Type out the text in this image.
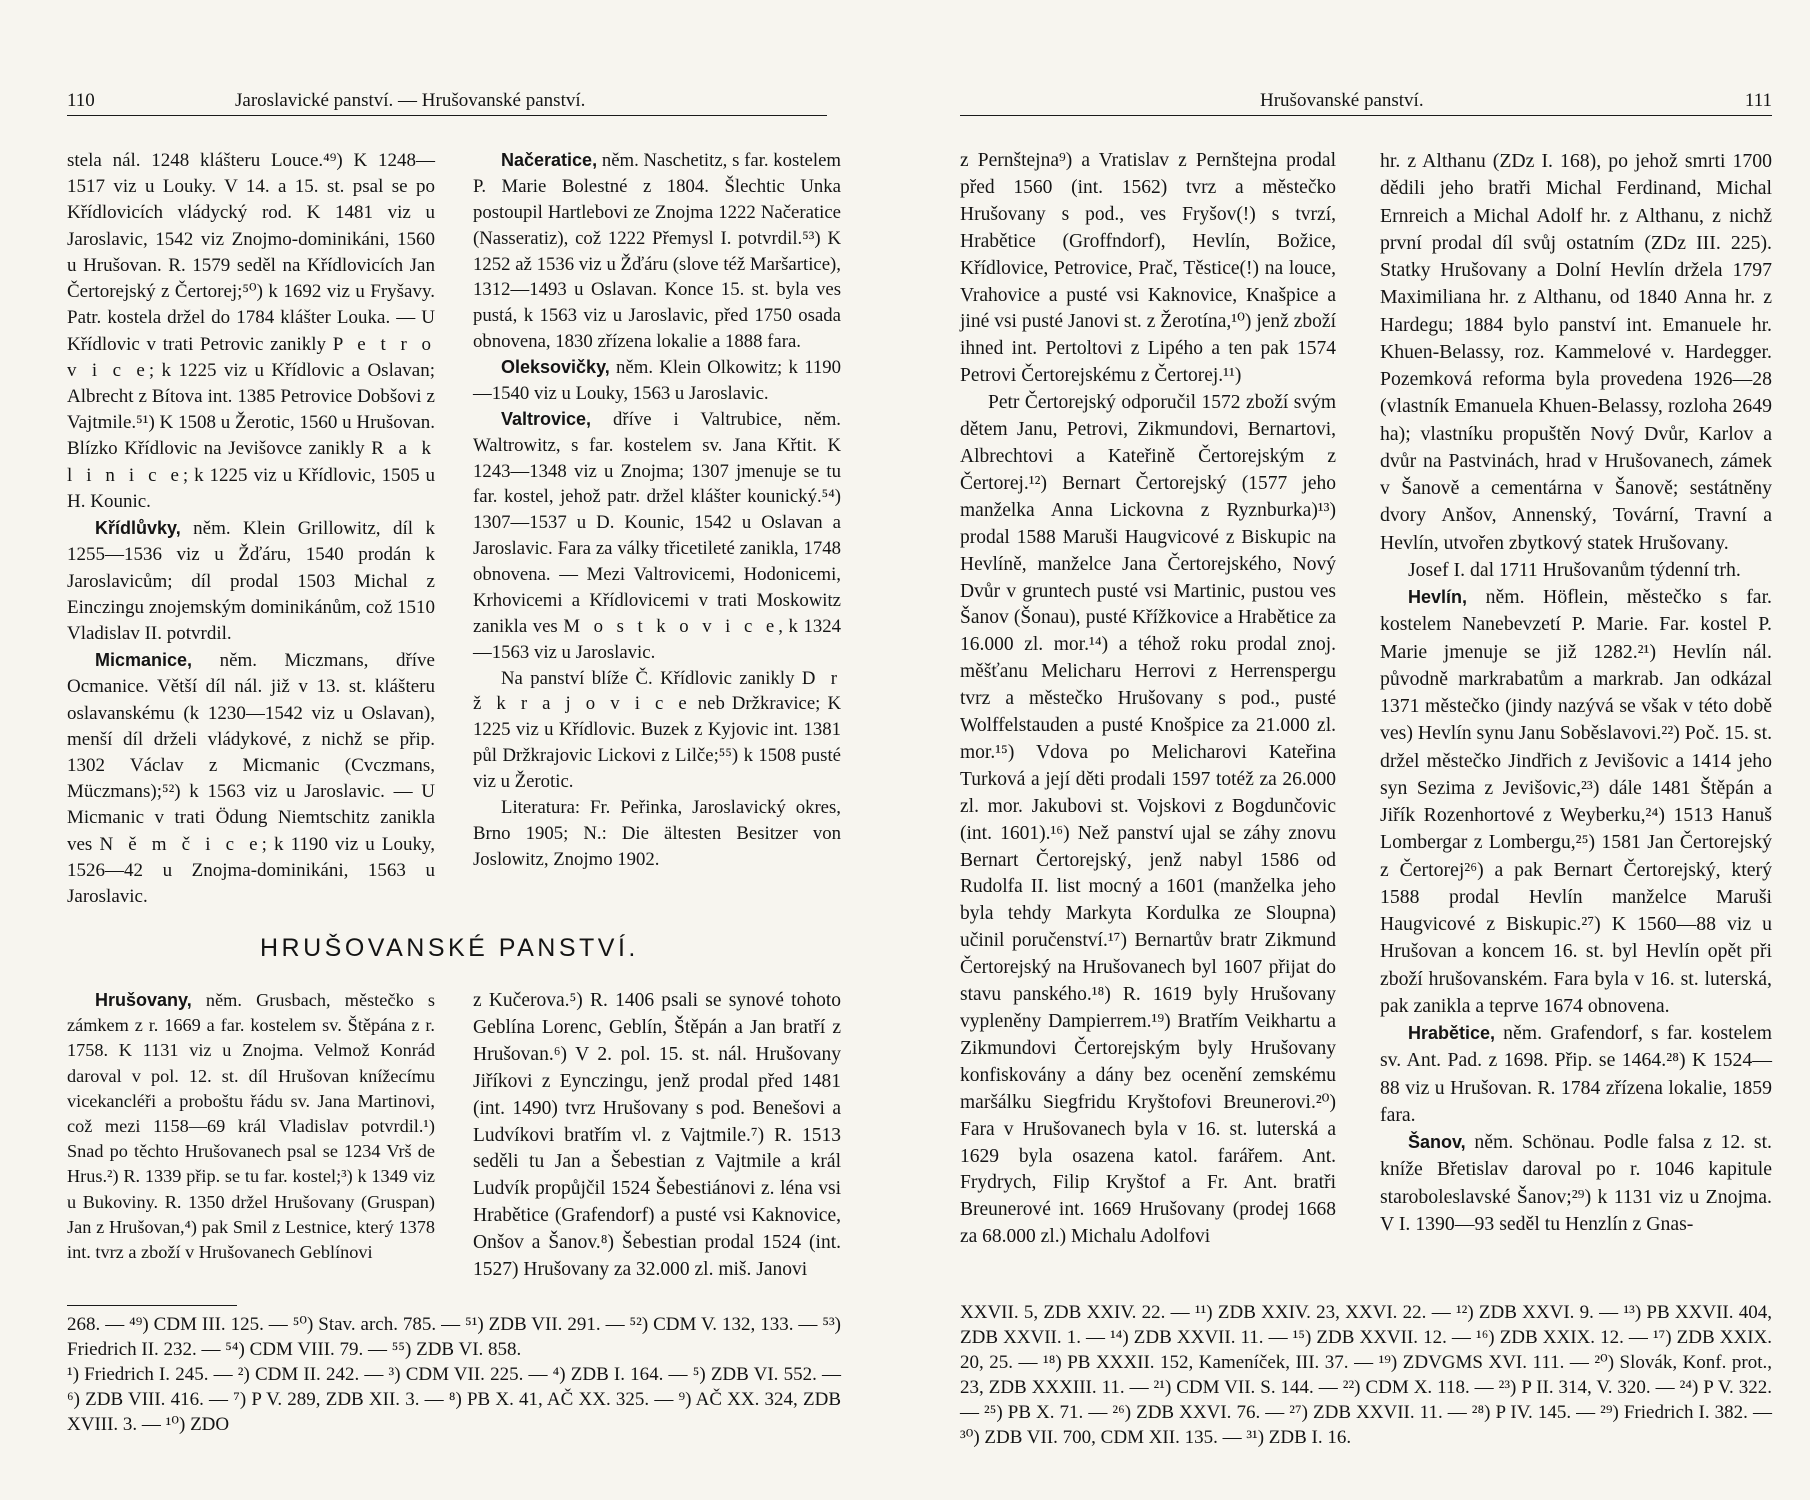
110	Jaroslavické panství. — Hrušovanské panství.

stela nál. 1248 klášteru Louce.⁴⁹) K 1248—1517 viz u Louky. V 14. a 15. st. psal se po Křídlovicích vládycký rod. K 1481 viz u Jaroslavic, 1542 viz Znojmo-dominikáni, 1560 u Hrušovan. R. 1579 seděl na Křídlovicích Jan Čertorejský z Čertorej;⁵⁰) k 1692 viz u Fryšavy. Patr. kostela držel do 1784 klášter Louka. — U Křídlovic v trati Petrovic zanikly P e t r o v i c e; k 1225 viz u Křídlovic a Oslavan; Albrecht z Bítova int. 1385 Petrovice Dobšovi z Vajtmile.⁵¹) K 1508 u Žerotic, 1560 u Hrušovan. Blízko Křídlovic na Jevišovce zanikly R a k l i n i c e; k 1225 viz u Křídlovic, 1505 u H. Kounic.

Křídlůvky, něm. Klein Grillowitz, díl k 1255—1536 viz u Žďáru, 1540 prodán k Jaroslavicům; díl prodal 1503 Michal z Einczingu znojemským dominikánům, což 1510 Vladislav II. potvrdil.

Micmanice, něm. Miczmans, dříve Ocmanice. Větší díl nál. již v 13. st. klášteru oslavanskému (k 1230—1542 viz u Oslavan), menší díl drželi vládykové, z nichž se přip. 1302 Václav z Micmanic (Cvczmans, Müczmans);⁵²) k 1563 viz u Jaroslavic. — U Micmanic v trati Ödung Niemtschitz zanikla ves N ě m č i c e; k 1190 viz u Louky, 1526—42 u Znojma-dominikáni, 1563 u Jaroslavic.

Načeratice, něm. Naschetitz, s far. kostelem P. Marie Bolestné z 1804. Šlechtic Unka postoupil Hartlebovi ze Znojma 1222 Načeratice (Nasseratiz), což 1222 Přemysl I. potvrdil.⁵³) K 1252 až 1536 viz u Žďáru (slove též Maršartice), 1312—1493 u Oslavan. Konce 15. st. byla ves pustá, k 1563 viz u Jaroslavic, před 1750 osada obnovena, 1830 zřízena lokalie a 1888 fara.

Oleksovičky, něm. Klein Olkowitz; k 1190—1540 viz u Louky, 1563 u Jaroslavic.

Valtrovice, dříve i Valtrubice, něm. Waltrowitz, s far. kostelem sv. Jana Křtit. K 1243—1348 viz u Znojma; 1307 jmenuje se tu far. kostel, jehož patr. držel klášter kounický.⁵⁴) 1307—1537 u D. Kounic, 1542 u Oslavan a Jaroslavic. Fara za války třicetileté zanikla, 1748 obnovena. — Mezi Valtrovicemi, Hodonicemi, Krhovicemi a Křídlovicemi v trati Moskowitz zanikla ves M o s t k o v i c e, k 1324—1563 viz u Jaroslavic.

Na panství blíže Č. Křídlovic zanikly D r ž k r a j o v i c e neb Držkravice; K 1225 viz u Křídlovic. Buzek z Kyjovic int. 1381 půl Držkrajovic Lickovi z Lilče;⁵⁵) k 1508 pusté viz u Žerotic.

Literatura: Fr. Peřinka, Jaroslavický okres, Brno 1905; N.: Die ältesten Besitzer von Joslowitz, Znojmo 1902.

HRUŠOVANSKÉ PANSTVÍ.

Hrušovany, něm. Grusbach, městečko s zámkem z r. 1669 a far. kostelem sv. Štěpána z r. 1758. K 1131 viz u Znojma. Velmož Konrád daroval v pol. 12. st. díl Hrušovan knížecímu vicekancléři a proboštu řádu sv. Jana Martinovi, což mezi 1158—69 král Vladislav potvrdil.¹) Snad po těchto Hrušovanech psal se 1234 Vrš de Hrus.²) R. 1339 přip. se tu far. kostel;³) k 1349 viz u Bukoviny. R. 1350 držel Hrušovany (Gruspan) Jan z Hrušovan,⁴) pak Smil z Lestnice, který 1378 int. tvrz a zboží v Hrušovanech Geblínovi

z Kučerova.⁵) R. 1406 psali se synové tohoto Geblína Lorenc, Geblín, Štěpán a Jan bratří z Hrušovan.⁶) V 2. pol. 15. st. nál. Hrušovany Jiříkovi z Eynczingu, jenž prodal před 1481 (int. 1490) tvrz Hrušovany s pod. Benešovi a Ludvíkovi bratřím vl. z Vajtmile.⁷) R. 1513 seděli tu Jan a Šebestian z Vajtmile a král Ludvík propůjčil 1524 Šebestiánovi z. léna vsi Hrabětice (Grafendorf) a pusté vsi Kaknovice, Onšov a Šanov.⁸) Šebestian prodal 1524 (int. 1527) Hrušovany za 32.000 zl. miš. Janovi

268. — ⁴⁹) CDM III. 125. — ⁵⁰) Stav. arch. 785. — ⁵¹) ZDB VII. 291. — ⁵²) CDM V. 132, 133. — ⁵³) Friedrich II. 232. — ⁵⁴) CDM VIII. 79. — ⁵⁵) ZDB VI. 858.

¹) Friedrich I. 245. — ²) CDM II. 242. — ³) CDM VII. 225. — ⁴) ZDB I. 164. — ⁵) ZDB VI. 552. — ⁶) ZDB VIII. 416. — ⁷) P V. 289, ZDB XII. 3. — ⁸) PB X. 41, AČ XX. 325. — ⁹) AČ XX. 324, ZDB XVIII. 3. — ¹⁰) ZDO

Hrušovanské panství.	111

z Pernštejna⁹) a Vratislav z Pernštejna prodal před 1560 (int. 1562) tvrz a městečko Hrušovany s pod., ves Fryšov(!) s tvrzí, Hrabětice (Groffndorf), Hevlín, Božice, Křídlovice, Petrovice, Prač, Těstice(!) na louce, Vrahovice a pusté vsi Kaknovice, Knašpice a jiné vsi pusté Janovi st. z Žerotína,¹⁰) jenž zboží ihned int. Pertoltovi z Lipého a ten pak 1574 Petrovi Čertorejskému z Čertorej.¹¹)

Petr Čertorejský odporučil 1572 zboží svým dětem Janu, Petrovi, Zikmundovi, Bernartovi, Albrechtovi a Kateřině Čertorejským z Čertorej.¹²) Bernart Čertorejský (1577 jeho manželka Anna Lickovna z Ryznburka)¹³) prodal 1588 Maruši Haugvicové z Biskupic na Hevlíně, manželce Jana Čertorejského, Nový Dvůr v gruntech pusté vsi Martinic, pustou ves Šanov (Šonau), pusté Křížkovice a Hrabětice za 16.000 zl. mor.¹⁴) a téhož roku prodal znoj. měšťanu Melicharu Herrovi z Herrenspergu tvrz a městečko Hrušovany s pod., pusté Wolffelstauden a pusté Knošpice za 21.000 zl. mor.¹⁵) Vdova po Melicharovi Kateřina Turková a její děti prodali 1597 totéž za 26.000 zl. mor. Jakubovi st. Vojskovi z Bogdunčovic (int. 1601).¹⁶) Než panství ujal se záhy znovu Bernart Čertorejský, jenž nabyl 1586 od Rudolfa II. list mocný a 1601 (manželka jeho byla tehdy Markyta Kordulka ze Sloupna) učinil poručenství.¹⁷) Bernartův bratr Zikmund Čertorejský na Hrušovanech byl 1607 přijat do stavu panského.¹⁸) R. 1619 byly Hrušovany vypleněny Dampierrem.¹⁹) Bratřím Veikhartu a Zikmundovi Čertorejským byly Hrušovany konfiskovány a dány bez ocenění zemskému maršálku Siegfridu Kryštofovi Breunerovi.²⁰) Fara v Hrušovanech byla v 16. st. luterská a 1629 byla osazena katol. farářem. Ant. Frydrych, Filip Kryštof a Fr. Ant. bratři Breunerové int. 1669 Hrušovany (prodej 1668 za 68.000 zl.) Michalu Adolfovi

hr. z Althanu (ZDz I. 168), po jehož smrti 1700 dědili jeho bratři Michal Ferdinand, Michal Ernreich a Michal Adolf hr. z Althanu, z nichž první prodal díl svůj ostatním (ZDz III. 225). Statky Hrušovany a Dolní Hevlín držela 1797 Maximiliana hr. z Althanu, od 1840 Anna hr. z Hardegu; 1884 bylo panství int. Emanuele hr. Khuen-Belassy, roz. Kammelové v. Hardegger. Pozemková reforma byla provedena 1926—28 (vlastník Emanuela Khuen-Belassy, rozloha 2649 ha); vlastníku propuštěn Nový Dvůr, Karlov a dvůr na Pastvinách, hrad v Hrušovanech, zámek v Šanově a cementárna v Šanově; sestátněny dvory Anšov, Annenský, Tovární, Travní a Hevlín, utvořen zbytkový statek Hrušovany.

Josef I. dal 1711 Hrušovanům týdenní trh.

Hevlín, něm. Höflein, městečko s far. kostelem Nanebevzetí P. Marie. Far. kostel P. Marie jmenuje se již 1282.²¹) Hevlín nál. původně markrabatům a markrab. Jan odkázal 1371 městečko (jindy nazývá se však v této době ves) Hevlín synu Janu Soběslavovi.²²) Poč. 15. st. držel městečko Jindřich z Jevišovic a 1414 jeho syn Sezima z Jevišovic,²³) dále 1481 Štěpán a Jiřík Rozenhortové z Weyberku,²⁴) 1513 Hanuš Lombergar z Lombergu,²⁵) 1581 Jan Čertorejský z Čertorej²⁶) a pak Bernart Čertorejský, který 1588 prodal Hevlín manželce Maruši Haugvicové z Biskupic.²⁷) K 1560—88 viz u Hrušovan a koncem 16. st. byl Hevlín opět při zboží hrušovanském. Fara byla v 16. st. luterská, pak zanikla a teprve 1674 obnovena.

Hrabětice, něm. Grafendorf, s far. kostelem sv. Ant. Pad. z 1698. Přip. se 1464.²⁸) K 1524—88 viz u Hrušovan. R. 1784 zřízena lokalie, 1859 fara.

Šanov, něm. Schönau. Podle falsa z 12. st. kníže Břetislav daroval po r. 1046 kapitule staroboleslavské Šanov;²⁹) k 1131 viz u Znojma. V I. 1390—93 seděl tu Henzlín z Gnas-

XXVII. 5, ZDB XXIV. 22. — ¹¹) ZDB XXIV. 23, XXVI. 22. — ¹²) ZDB XXVI. 9. — ¹³) PB XXVII. 404, ZDB XXVII. 1. — ¹⁴) ZDB XXVII. 11. — ¹⁵) ZDB XXVII. 12. — ¹⁶) ZDB XXIX. 12. — ¹⁷) ZDB XXIX. 20, 25. — ¹⁸) PB XXXII. 152, Kameníček, III. 37. — ¹⁹) ZDVGMS XVI. 111. — ²⁰) Slovák, Konf. prot., 23, ZDB XXXIII. 11. — ²¹) CDM VII. S. 144. — ²²) CDM X. 118. — ²³) P II. 314, V. 320. — ²⁴) P V. 322. — ²⁵) PB X. 71. — ²⁶) ZDB XXVI. 76. — ²⁷) ZDB XXVII. 11. — ²⁸) P IV. 145. — ²⁹) Friedrich I. 382. — ³⁰) ZDB VII. 700, CDM XII. 135. — ³¹) ZDB I. 16.
